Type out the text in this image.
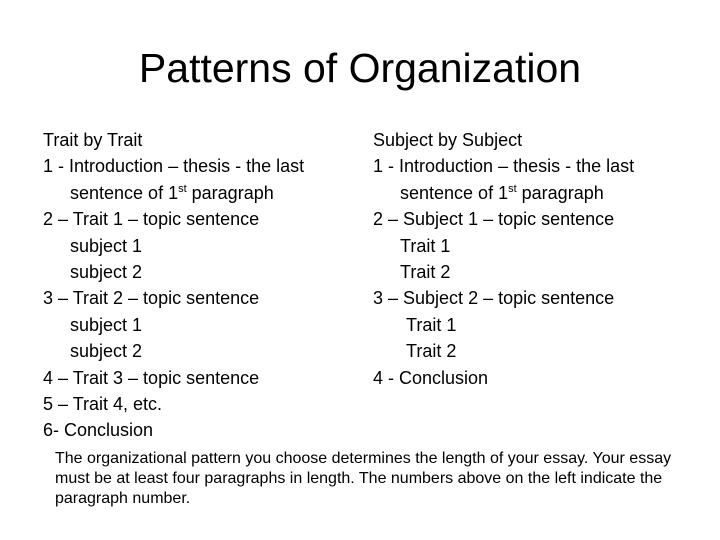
Patterns of Organization
Trait by Trait
1 - Introduction – thesis - the last
sentence of 1st paragraph
2 – Trait 1 – topic sentence
subject 1
subject 2
3 – Trait 2 – topic sentence
subject 1
subject 2
4 – Trait 3 – topic sentence
5 – Trait 4, etc.
6- Conclusion
Subject by Subject
1 - Introduction – thesis - the last
sentence of 1st paragraph
2 – Subject 1 – topic sentence
Trait 1
Trait 2
3 – Subject 2 – topic sentence
Trait 1
Trait 2
4 - Conclusion

The organizational pattern you choose determines the length of your essay. Your essay must be at least four paragraphs in length. The numbers above on the left indicate the paragraph number.
